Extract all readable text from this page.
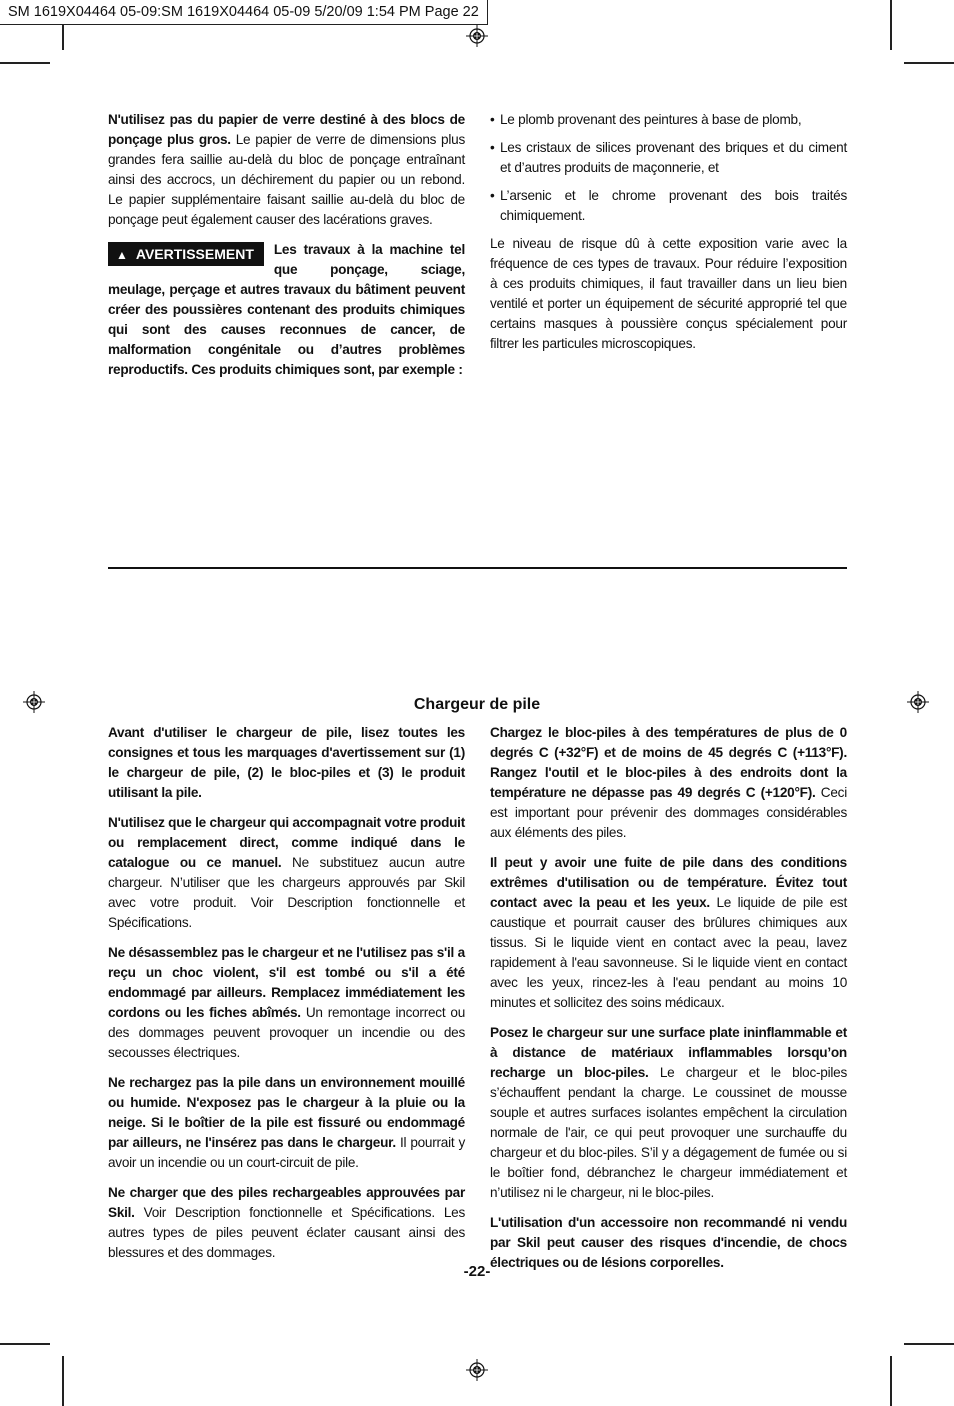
SM 1619X04464 05-09:SM 1619X04464 05-09 5/20/09 1:54 PM Page 22

N'utilisez pas du papier de verre destiné à des blocs de ponçage plus gros. Le papier de verre de dimensions plus grandes fera saillie au-delà du bloc de ponçage entraînant ainsi des accrocs, un déchirement du papier ou un rebond. Le papier supplémentaire faisant saillie au-delà du bloc de ponçage peut également causer des lacérations graves.

▲ AVERTISSEMENT	Les travaux à la machine tel que ponçage, sciage, meulage, perçage et autres travaux du bâtiment peuvent créer des poussières contenant des produits chimiques qui sont des causes reconnues de cancer, de malformation congénitale ou d’autres problèmes reproductifs. Ces produits chimiques sont, par exemple :
• Le plomb provenant des peintures à base de plomb,
• Les cristaux de silices provenant des briques et du ciment et d’autres produits de maçonnerie, et
• L’arsenic et le chrome provenant des bois traités chimiquement.

Le niveau de risque dû à cette exposition varie avec la fréquence de ces types de travaux. Pour réduire l’exposition à ces produits chimiques, il faut travailler dans un lieu bien ventilé et porter un équipement de sécurité approprié tel que certains masques à poussière conçus spécialement pour filtrer les particules microscopiques.

Chargeur de pile

Avant d'utiliser le chargeur de pile, lisez toutes les consignes et tous les marquages d'avertissement sur (1) le chargeur de pile, (2) le bloc-piles et (3) le produit utilisant la pile.

N'utilisez que le chargeur qui accompagnait votre produit ou remplacement direct, comme indiqué dans le catalogue ou ce manuel. Ne substituez aucun autre chargeur. N’utiliser que les chargeurs approuvés par Skil avec votre produit. Voir Description fonctionnelle et Spécifications.

Ne désassemblez pas le chargeur et ne l'utilisez pas s'il a reçu un choc violent, s'il est tombé ou s'il a été endommagé par ailleurs. Remplacez immédiatement les cordons ou les fiches abîmés. Un remontage incorrect ou des dommages peuvent provoquer un incendie ou des secousses électriques.

Ne rechargez pas la pile dans un environnement mouillé ou humide. N'exposez pas le chargeur à la pluie ou la neige. Si le boîtier de la pile est fissuré ou endommagé par ailleurs, ne l'insérez pas dans le chargeur. Il pourrait y avoir un incendie ou un court-circuit de pile.

Ne charger que des piles rechargeables approuvées par Skil. Voir Description fonctionnelle et Spécifications. Les autres types de piles peuvent éclater causant ainsi des blessures et des dommages.

Chargez le bloc-piles à des températures de plus de 0 degrés C (+32°F) et de moins de 45 degrés C (+113°F). Rangez l'outil et le bloc-piles à des endroits dont la température ne dépasse pas 49 degrés C (+120°F). Ceci est important pour prévenir des dommages considérables aux éléments des piles.

Il peut y avoir une fuite de pile dans des conditions extrêmes d'utilisation ou de température. Évitez tout contact avec la peau et les yeux. Le liquide de pile est caustique et pourrait causer des brûlures chimiques aux tissus. Si le liquide vient en contact avec la peau, lavez rapidement à l'eau savonneuse. Si le liquide vient en contact avec les yeux, rincez-les à l'eau pendant au moins 10 minutes et sollicitez des soins médicaux.

Posez le chargeur sur une surface plate ininflammable et à distance de matériaux inflammables lorsqu’on recharge un bloc-piles. Le chargeur et le bloc-piles s’échauffent pendant la charge. Le coussinet de mousse souple et autres surfaces isolantes empêchent la circulation normale de l'air, ce qui peut provoquer une surchauffe du chargeur et du bloc-piles. S’il y a dégagement de fumée ou si le boîtier fond, débranchez le chargeur immédiatement et n’utilisez ni le chargeur, ni le bloc-piles.

L'utilisation d'un accessoire non recommandé ni vendu par Skil peut causer des risques d'incendie, de chocs électriques ou de lésions corporelles.

-22-
